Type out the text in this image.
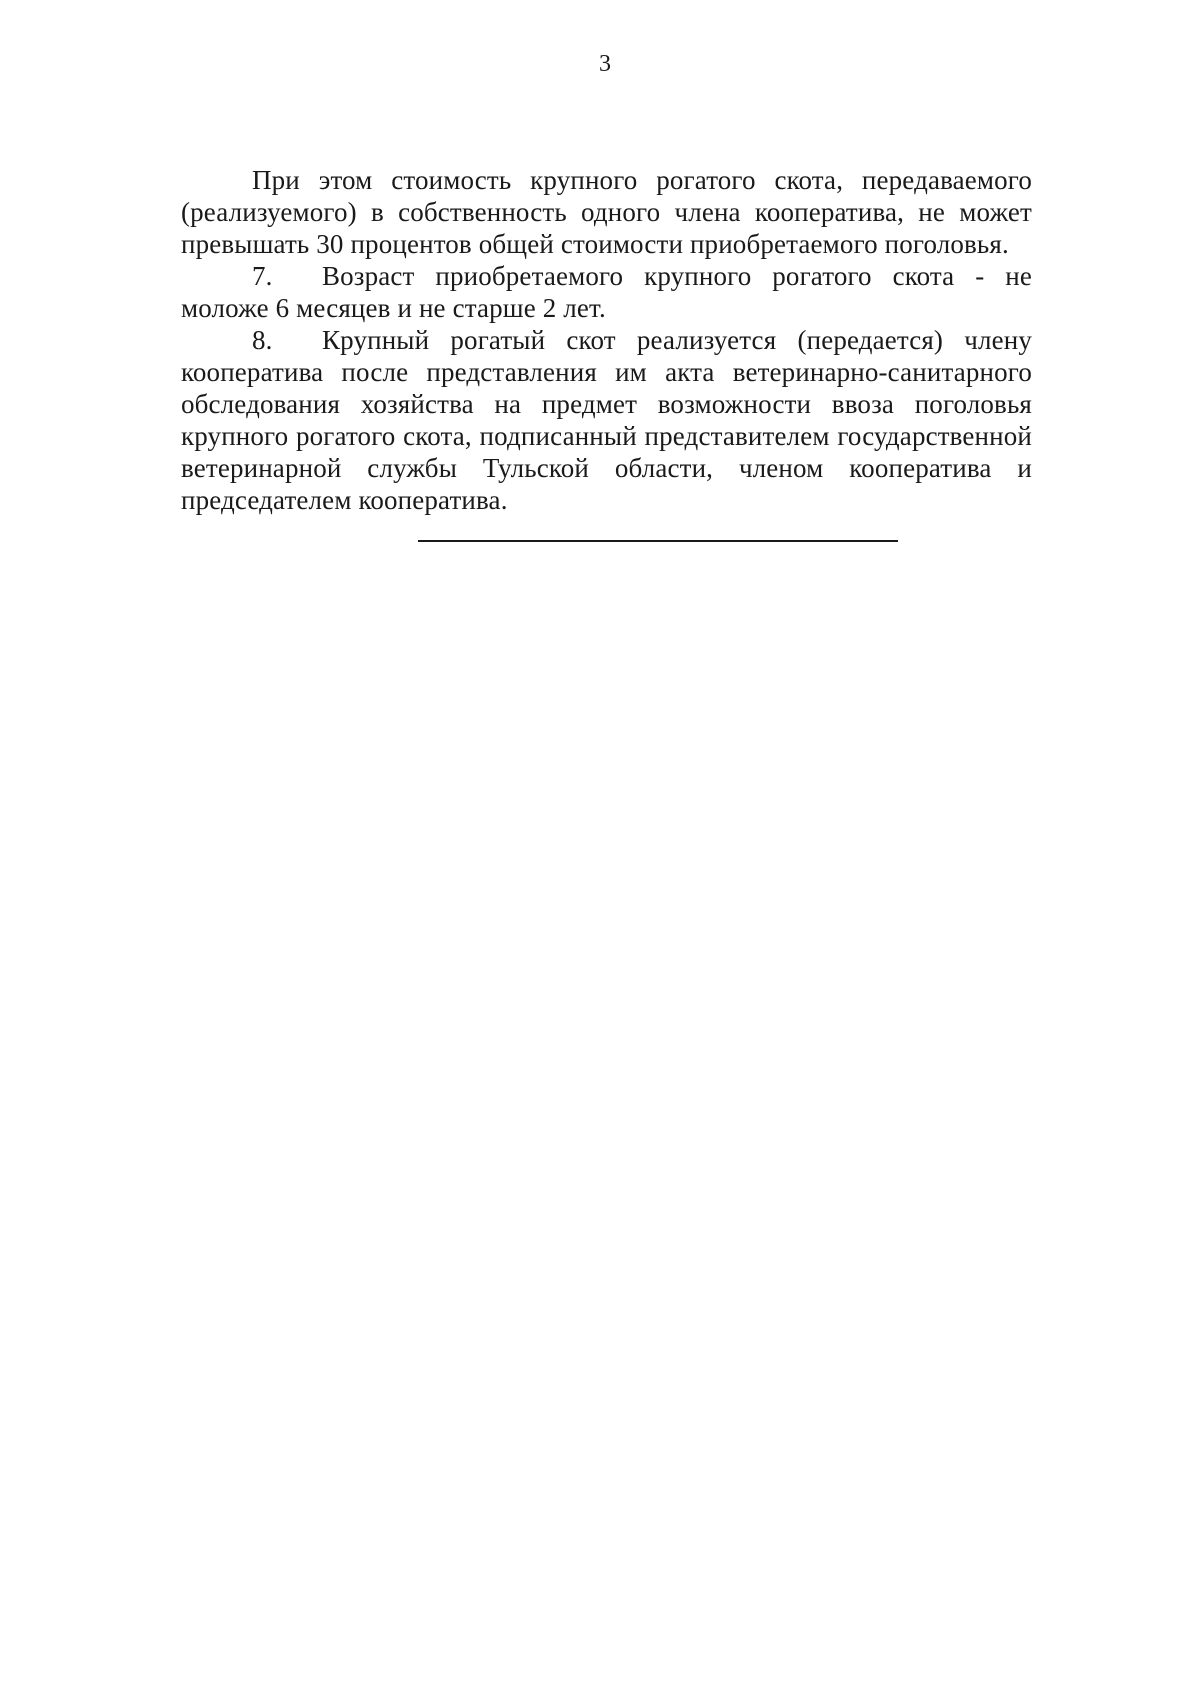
3

При этом стоимость крупного рогатого скота, передаваемого (реализуемого) в собственность одного члена кооператива, не может превышать 30 процентов общей стоимости приобретаемого поголовья.

7. Возраст приобретаемого крупного рогатого скота - не моложе 6 месяцев и не старше 2 лет.

8. Крупный рогатый скот реализуется (передается) члену кооператива после представления им акта ветеринарно-санитарного обследования хозяйства на предмет возможности ввоза поголовья крупного рогатого скота, подписанный представителем государственной ветеринарной службы Тульской области, членом кооператива и председателем кооператива.
